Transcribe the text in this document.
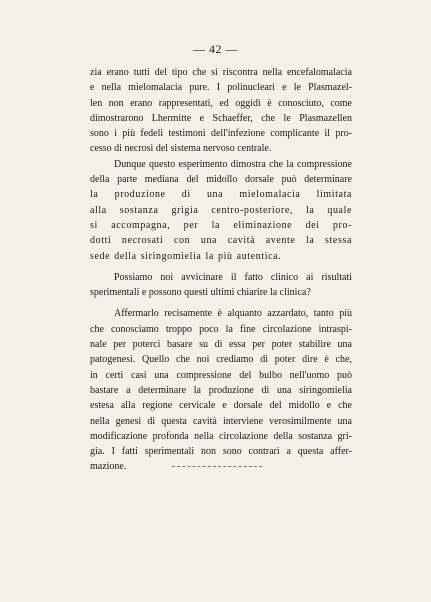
— 42 —
zia erano tutti del tipo che si riscontra nella encefalomalacia
e nella mielomalacia pure. I polinucleari e le Plasmazel-
len non erano rappresentati, ed oggidì è conosciuto, come
dimostrarono Lhermitte e Schaeffer, che le Plasmazellen
sono i più fedeli testimoni dell'infezione complicante il pro-
cesso di necrosi del sistema nervoso centrale.
Dunque questo esperimento dimostra che la compressione
della parte mediana del midollo dorsale può determinare
la produzione di una mielomalacia limitata
alla sostanza grigia centro-posteriore, la quale
si accompagna, per la eliminazione dei pro-
dotti necrosati con una cavità avente la stessa
sede della siringomielia la più autentica.
Possiamo noi avvicinare il fatto clinico ai risultati
sperimentali e possono questi ultimi chiarire la clinica?
Affermarlo recisamente è alquanto azzardato, tanto più
che conosciamo troppo poco la fine circolazione intraspi-
nale per poterci basare su di essa per poter stabilire una
patogenesi. Quello che noi crediamo di poter dire è che,
in certi casi una compressione del bulbo nell'uomo può
bastare a determinare la produzione di una siringomielia
estesa alla regione cervicale e dorsale del midollo e che
nella genesi di questa cavità interviene verosimilmente una
modificazione profonda nella circolazione della sostanza gri-
gia. I fatti sperimentali non sono contrari a questa affer-
mazione.
